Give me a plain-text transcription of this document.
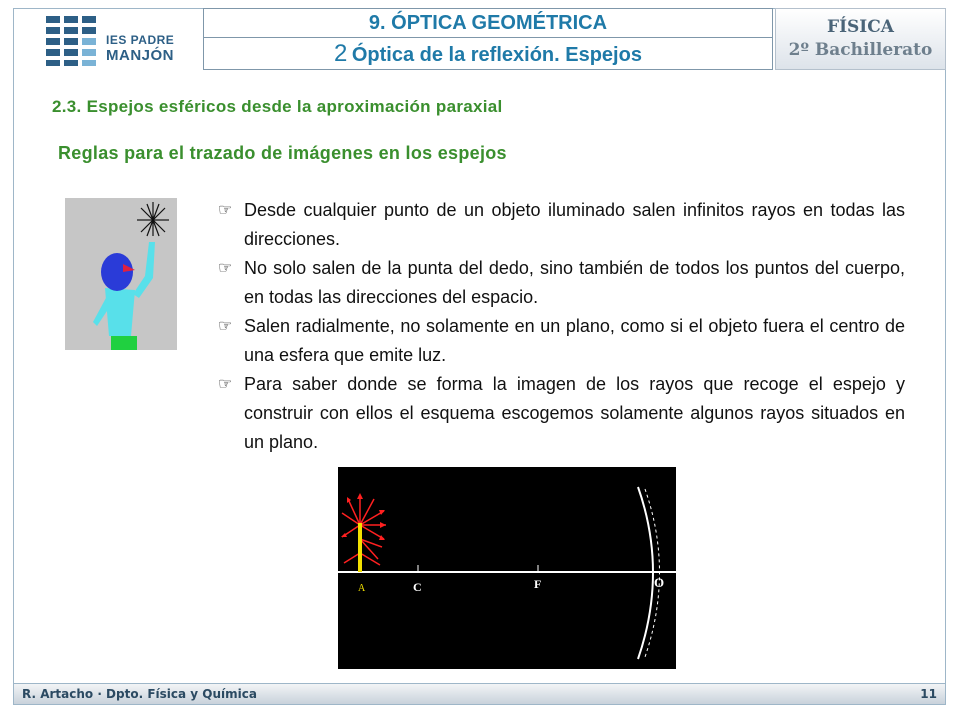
IES PADRE
MANJÓN
9. ÓPTICA GEOMÉTRICA
2 Óptica de la reflexión. Espejos
FÍSICA
2º Bachillerato
2.3. Espejos esféricos desde la aproximación paraxial
Reglas para el trazado de imágenes en los espejos
☞ Desde cualquier punto de un objeto iluminado salen infinitos rayos en todas las direcciones.
☞ No solo salen de la punta del dedo, sino también de todos los puntos del cuerpo, en todas las direcciones del espacio.
☞ Salen radialmente, no solamente en un plano, como si el objeto fuera el centro de una esfera que emite luz.
☞ Para saber donde se forma la imagen de los rayos que recoge el espejo y construir con ellos el esquema escogemos solamente algunos rayos situados en un plano.
A	C	F	O
R. Artacho · Dpto. Física y Química	11
